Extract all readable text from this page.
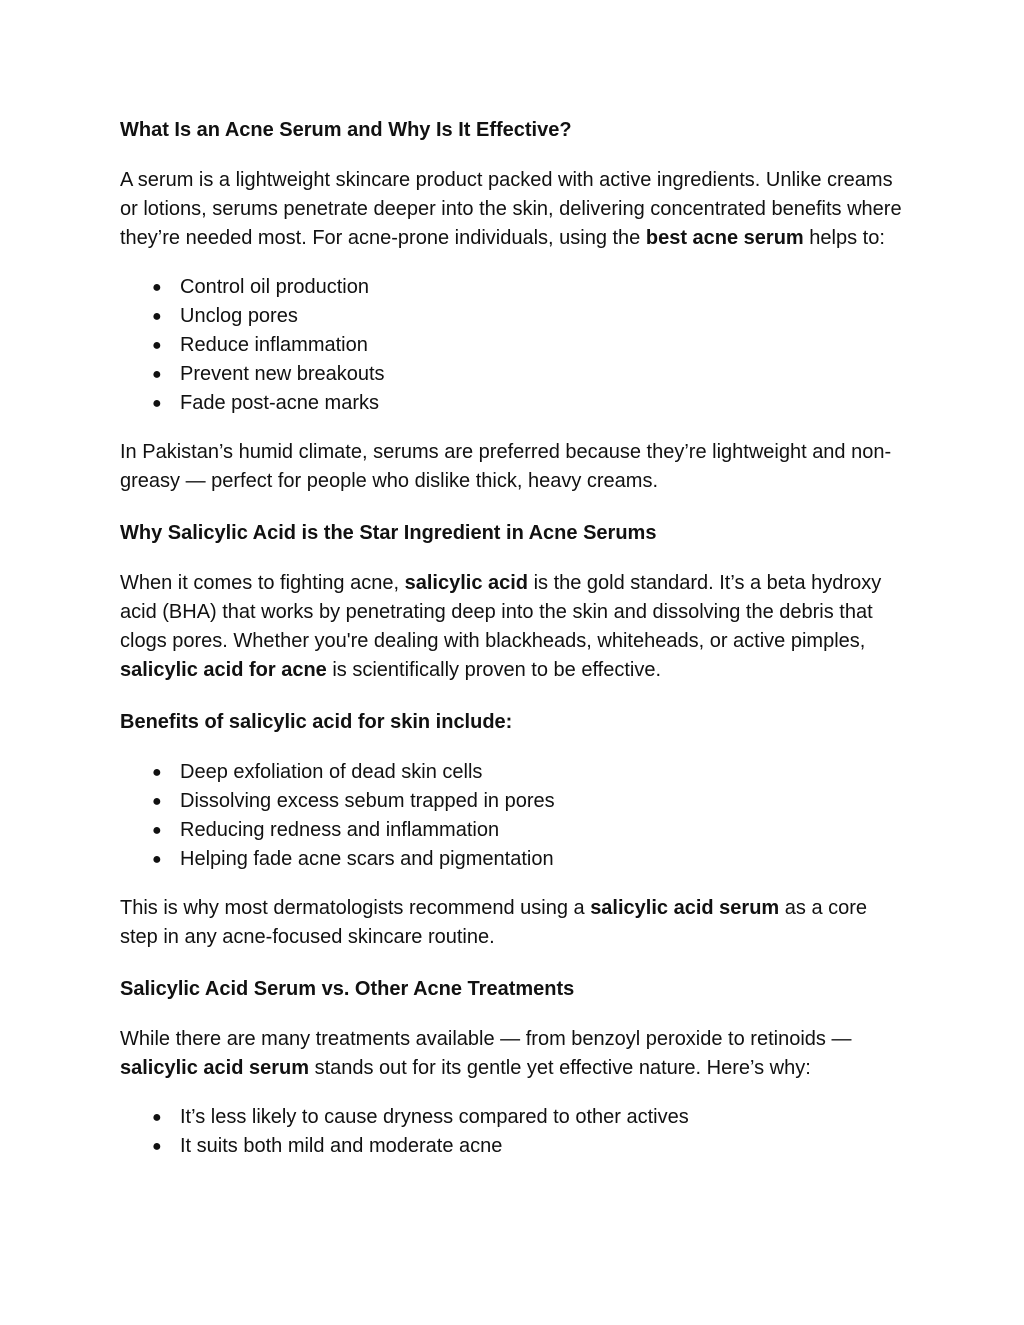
What Is an Acne Serum and Why Is It Effective?

A serum is a lightweight skincare product packed with active ingredients. Unlike creams or lotions, serums penetrate deeper into the skin, delivering concentrated benefits where they’re needed most. For acne-prone individuals, using the best acne serum helps to:

● Control oil production
● Unclog pores
● Reduce inflammation
● Prevent new breakouts
● Fade post-acne marks

In Pakistan’s humid climate, serums are preferred because they’re lightweight and non-greasy — perfect for people who dislike thick, heavy creams.

Why Salicylic Acid is the Star Ingredient in Acne Serums

When it comes to fighting acne, salicylic acid is the gold standard. It’s a beta hydroxy acid (BHA) that works by penetrating deep into the skin and dissolving the debris that clogs pores. Whether you're dealing with blackheads, whiteheads, or active pimples, salicylic acid for acne is scientifically proven to be effective.

Benefits of salicylic acid for skin include:
● Deep exfoliation of dead skin cells
● Dissolving excess sebum trapped in pores
● Reducing redness and inflammation
● Helping fade acne scars and pigmentation

This is why most dermatologists recommend using a salicylic acid serum as a core step in any acne-focused skincare routine.

Salicylic Acid Serum vs. Other Acne Treatments

While there are many treatments available — from benzoyl peroxide to retinoids — salicylic acid serum stands out for its gentle yet effective nature. Here’s why:

● It’s less likely to cause dryness compared to other actives
● It suits both mild and moderate acne
